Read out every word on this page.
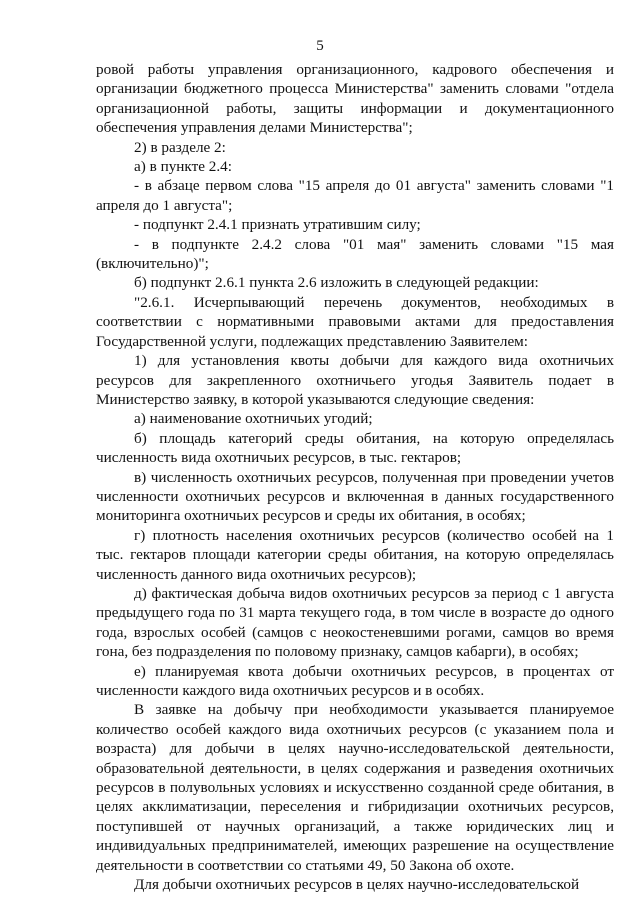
5

ровой работы управления организационного, кадрового обеспечения и организации бюджетного процесса Министерства" заменить словами "отдела организационной работы, защиты информации и документационного обеспечения управления делами Министерства";

2) в разделе 2:

а) в пункте 2.4:

- в абзаце первом слова "15 апреля до 01 августа" заменить словами "1 апреля до 1 августа";

- подпункт 2.4.1 признать утратившим силу;

- в подпункте 2.4.2 слова "01 мая" заменить словами "15 мая (включительно)";

б) подпункт 2.6.1 пункта 2.6 изложить в следующей редакции:

"2.6.1. Исчерпывающий перечень документов, необходимых в соответствии с нормативными правовыми актами для предоставления Государственной услуги, подлежащих представлению Заявителем:

1) для установления квоты добычи для каждого вида охотничьих ресурсов для закрепленного охотничьего угодья Заявитель подает в Министерство заявку, в которой указываются следующие сведения:

а) наименование охотничьих угодий;

б) площадь категорий среды обитания, на которую определялась численность вида охотничьих ресурсов, в тыс. гектаров;

в) численность охотничьих ресурсов, полученная при проведении учетов численности охотничьих ресурсов и включенная в данных государственного мониторинга охотничьих ресурсов и среды их обитания, в особях;

г) плотность населения охотничьих ресурсов (количество особей на 1 тыс. гектаров площади категории среды обитания, на которую определялась численность данного вида охотничьих ресурсов);

д) фактическая добыча видов охотничьих ресурсов за период с 1 августа предыдущего года по 31 марта текущего года, в том числе в возрасте до одного года, взрослых особей (самцов с неокостеневшими рогами, самцов во время гона, без подразделения по половому признаку, самцов кабарги), в особях;

е) планируемая квота добычи охотничьих ресурсов, в процентах от численности каждого вида охотничьих ресурсов и в особях.

В заявке на добычу при необходимости указывается планируемое количество особей каждого вида охотничьих ресурсов (с указанием пола и возраста) для добычи в целях научно-исследовательской деятельности, образовательной деятельности, в целях содержания и разведения охотничьих ресурсов в полувольных условиях и искусственно созданной среде обитания, в целях акклиматизации, переселения и гибридизации охотничьих ресурсов, поступившей от научных организаций, а также юридических лиц и индивидуальных предпринимателей, имеющих разрешение на осуществление деятельности в соответствии со статьями 49, 50 Закона об охоте.

Для добычи охотничьих ресурсов в целях научно-исследовательской
